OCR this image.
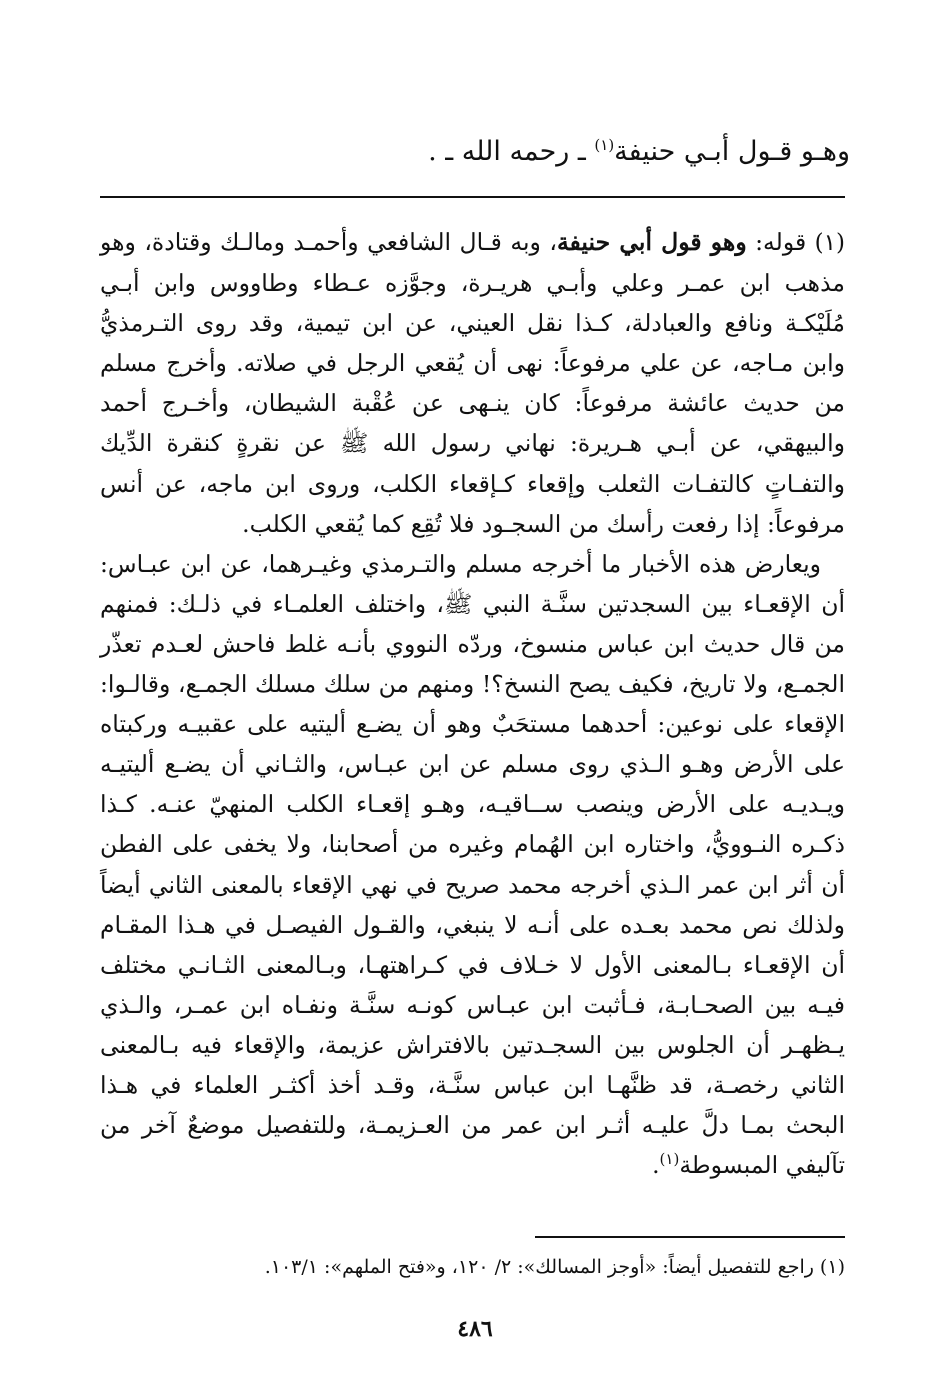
وهـو قـول أبـي حنيفة$^{(١)}$ ـ رحمه الله ـ .

(١) قوله: وهو قول أبي حنيفة، وبه قـال الشافعي وأحمـد ومالـك وقتادة، وهو مذهب ابن عمـر وعلي وأبـي هريـرة، وجوَّزه عـطاء وطاووس وابن أبـي مُلَيْكـة ونافع والعبادلة، كـذا نقل العيني، عن ابن تيمية، وقد روى التـرمذيُّ وابن مـاجه، عن علي مرفوعاً: نهى أن يُقعي الرجل في صلاته. وأخرج مسلم من حديث عائشة مرفوعاً: كان ينـهى عن عُقْبة الشيطان، وأخـرج أحمد والبيهقي، عن أبـي هـريرة: نهاني رسول الله ﷺ عن نقرةٍ كنقرة الدِّيك والتفـاتٍ كالتفـات الثعلب وإقعاء كـإقعاء الكلب، وروى ابن ماجه، عن أنس مرفوعاً: إذا رفعت رأسك من السجـود فلا تُقِع كما يُقعي الكلب.

ويعارض هذه الأخبار ما أخرجه مسلم والتـرمذي وغيـرهما، عن ابن عبـاس: أن الإقعـاء بين السجدتين سنَّـة النبي ﷺ، واختلف العلمـاء في ذلـك: فمنهم من قال حديث ابن عباس منسوخ، وردّه النووي بأنـه غلط فاحش لعـدم تعذّر الجمـع، ولا تاريخ، فكيف يصح النسخ؟! ومنهم من سلك مسلك الجمـع، وقالـوا: الإقعاء على نوعين: أحدهما مستحَبٌ وهو أن يضـع أليتيه على عقبيـه وركبتاه على الأرض وهـو الـذي روى مسلم عن ابن عبـاس، والثـاني أن يضـع أليتيـه ويـديـه على الأرض وينصب ســاقيـه، وهـو إقعـاء الكلب المنهيّ عنـه. كـذا ذكـره النـوويُّ، واختاره ابن الهُمام وغيره من أصحابنا، ولا يخفى على الفطن أن أثر ابن عمر الـذي أخرجه محمد صريح في نهي الإقعاء بالمعنى الثاني أيضاً ولذلك نص محمد بعـده على أنـه لا ينبغي، والقـول الفيصـل في هـذا المقـام أن الإقعـاء بـالمعنى الأول لا خـلاف في كـراهتهـا، وبـالمعنى الثـانـي مختلف فيـه بين الصحـابـة، فـأثبت ابن عبـاس كونـه سنَّـة ونفـاه ابن عمـر، والـذي يـظهـر أن الجلوس بين السجـدتين بالافتراش عزيمة، والإقعاء فيه بـالمعنى الثاني رخصـة، قد ظنَّهـا ابن عباس سنَّـة، وقـد أخذ أكثـر العلماء في هـذا البحث بمـا دلَّ عليـه أثـر ابن عمر من العـزيمـة، وللتفصيل موضعٌ آخر من تآليفي المبسوطة$^{(١)}$.

(١) راجع للتفصيل أيضاً: «أوجز المسالك»: ٢/ ١٢٠، و«فتح الملهم»: ١٠٣/١.
٤٨٦
